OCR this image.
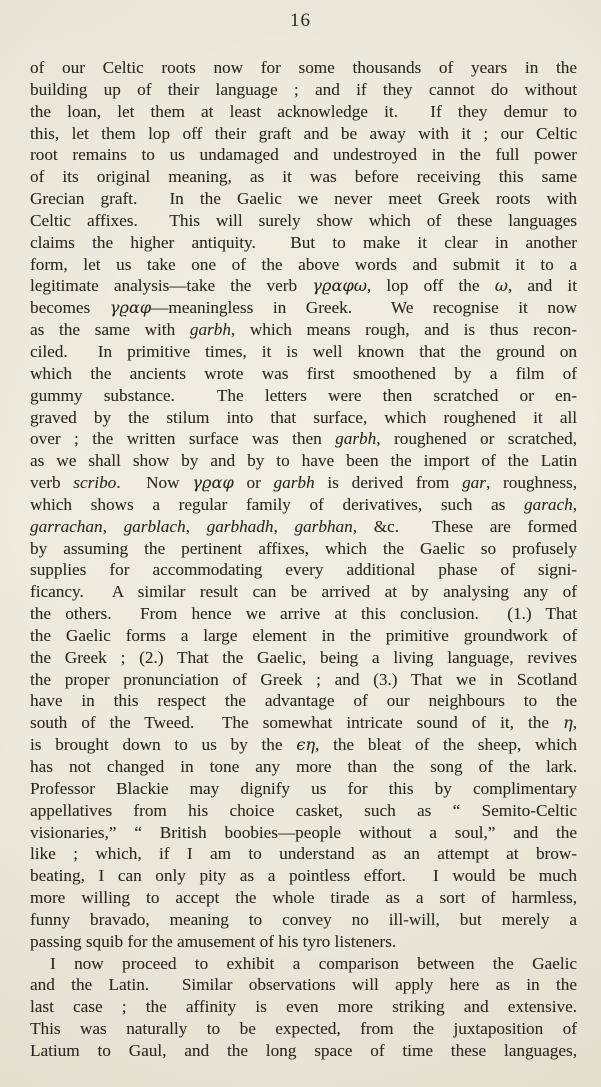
16
of our Celtic roots now for some thousands of years in the
building up of their language ; and if they cannot do without
the loan, let them at least acknowledge it.  If they demur to
this, let them lop off their graft and be away with it ; our Celtic
root remains to us undamaged and undestroyed in the full power
of its original meaning, as it was before receiving this same
Grecian graft.  In the Gaelic we never meet Greek roots with
Celtic affixes.  This will surely show which of these languages
claims the higher antiquity.  But to make it clear in another
form, let us take one of the above words and submit it to a
legitimate analysis—take the verb γϱαφω, lop off the ω, and it
becomes γϱαφ—meaningless in Greek.  We recognise it now
as the same with garbh, which means rough, and is thus recon-
ciled.  In primitive times, it is well known that the ground on
which the ancients wrote was first smoothened by a film of
gummy substance.  The letters were then scratched or en-
graved by the stilum into that surface, which roughened it all
over ; the written surface was then garbh, roughened or scratched,
as we shall show by and by to have been the import of the Latin
verb scribo.  Now γϱαφ or garbh is derived from gar, roughness,
which shows a regular family of derivatives, such as garach,
garrachan, garblach, garbhadh, garbhan, &c.  These are formed
by assuming the pertinent affixes, which the Gaelic so profusely
supplies for accommodating every additional phase of signi-
ficancy.  A similar result can be arrived at by analysing any of
the others.  From hence we arrive at this conclusion.  (1.) That
the Gaelic forms a large element in the primitive groundwork of
the Greek ; (2.) That the Gaelic, being a living language, revives
the proper pronunciation of Greek ; and (3.) That we in Scotland
have in this respect the advantage of our neighbours to the
south of the Tweed.  The somewhat intricate sound of it, the η,
is brought down to us by the ϵη, the bleat of the sheep, which
has not changed in tone any more than the song of the lark.
Professor Blackie may dignify us for this by complimentary
appellatives from his choice casket, such as “ Semito-Celtic
visionaries,” “ British boobies—people without a soul,” and the
like ; which, if I am to understand as an attempt at brow-
beating, I can only pity as a pointless effort.  I would be much
more willing to accept the whole tirade as a sort of harmless,
funny bravado, meaning to convey no ill-will, but merely a
passing squib for the amusement of his tyro listeners.
I now proceed to exhibit a comparison between the Gaelic
and the Latin.  Similar observations will apply here as in the
last case ; the affinity is even more striking and extensive.
This was naturally to be expected, from the juxtaposition of
Latium to Gaul, and the long space of time these languages,
